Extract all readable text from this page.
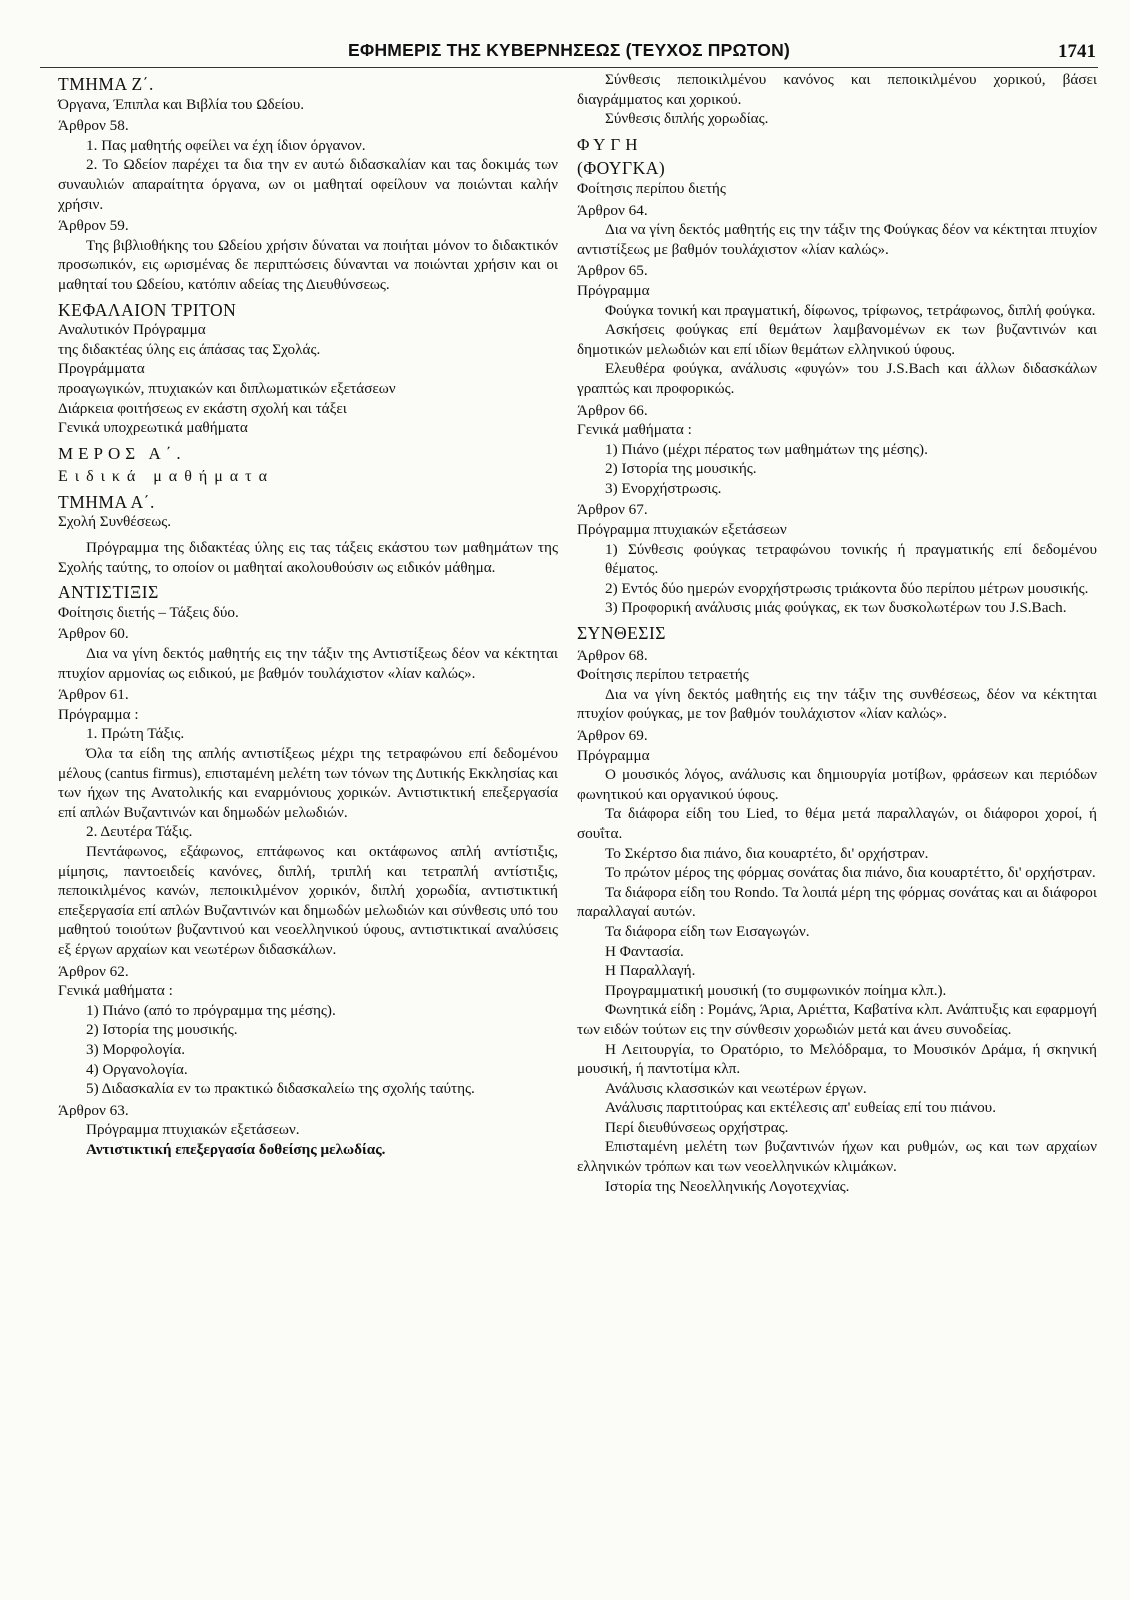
ΕΦΗΜΕΡΙΣ ΤΗΣ ΚΥΒΕΡΝΗΣΕΩΣ (ΤΕΥΧΟΣ ΠΡΩΤΟΝ)	1741

ΤΜΗΜΑ Ζ΄.

Όργανα, Έπιπλα και Βιβλία του Ωδείου.

Άρθρον 58.

1. Πας μαθητής οφείλει να έχη ίδιον όργανον.

2. Το Ωδείον παρέχει τα δια την εν αυτώ διδασκαλίαν και τας δοκιμάς των συναυλιών απαραίτητα όργανα, ων οι μαθηταί οφείλουν να ποιώνται καλήν χρήσιν.

Άρθρον 59.

Της βιβλιοθήκης του Ωδείου χρήσιν δύναται να ποιήται μόνον το διδακτικόν προσωπικόν, εις ωρισμένας δε περιπτώσεις δύνανται να ποιώνται χρήσιν και οι μαθηταί του Ωδείου, κατόπιν αδείας της Διευθύνσεως.

ΚΕΦΑΛΑΙΟΝ ΤΡΙΤΟΝ

Αναλυτικόν Πρόγραμμα

της διδακτέας ύλης εις άπάσας τας Σχολάς.

Προγράμματα

προαγωγικών, πτυχιακών και διπλωματικών εξετάσεων

Διάρκεια φοιτήσεως εν εκάστη σχολή και τάξει

Γενικά υποχρεωτικά μαθήματα

ΜΕΡΟΣ Α΄.

Ειδικά μαθήματα

ΤΜΗΜΑ Α΄.

Σχολή Συνθέσεως.

Πρόγραμμα της διδακτέας ύλης εις τας τάξεις εκάστου των μαθημάτων της Σχολής ταύτης, το οποίον οι μαθηταί ακολουθούσιν ως ειδικόν μάθημα.

ΑΝΤΙΣΤΙΞΙΣ

Φοίτησις διετής – Τάξεις δύο.

Άρθρον 60.

Δια να γίνη δεκτός μαθητής εις την τάξιν της Αντιστίξεως δέον να κέκτηται πτυχίον αρμονίας ως ειδικού, με βαθμόν τουλάχιστον «λίαν καλώς».

Άρθρον 61.

Πρόγραμμα :

1. Πρώτη Τάξις.

Όλα τα είδη της απλής αντιστίξεως μέχρι της τετραφώνου επί δεδομένου μέλους (cantus firmus), επισταμένη μελέτη των τόνων της Δυτικής Εκκλησίας και των ήχων της Ανατολικής και εναρμόνιους χορικών. Αντιστικτική επεξεργασία επί απλών Βυζαντινών και δημωδών μελωδιών.

2. Δευτέρα Τάξις.

Πεντάφωνος, εξάφωνος, επτάφωνος και οκτάφωνος απλή αντίστιξις, μίμησις, παντοειδείς κανόνες, διπλή, τριπλή και τετραπλή αντίστιξις, πεποικιλμένος κανών, πεποικιλμένον χορικόν, διπλή χορωδία, αντιστικτική επεξεργασία επί απλών Βυζαντινών και δημωδών μελωδιών και σύνθεσις υπό του μαθητού τοιούτων βυζαντινού και νεοελληνικού ύφους, αντιστικτικαί αναλύσεις εξ έργων αρχαίων και νεωτέρων διδασκάλων.

Άρθρον 62.

Γενικά μαθήματα :

1) Πιάνο (από το πρόγραμμα της μέσης).
2) Ιστορία της μουσικής.
3) Μορφολογία.
4) Οργανολογία.
5) Διδασκαλία εν τω πρακτικώ διδασκαλείω της σχολής ταύτης.

Άρθρον 63.

Πρόγραμμα πτυχιακών εξετάσεων.

Αντιστικτική επεξεργασία δοθείσης μελωδίας.

Σύνθεσις πεποικιλμένου κανόνος και πεποικιλμένου χορικού, βάσει διαγράμματος και χορικού.

Σύνθεσις διπλής χορωδίας.

ΦΥΓΗ

(ΦΟΥΓΚΑ)

Φοίτησις περίπου διετής

Άρθρον 64.

Δια να γίνη δεκτός μαθητής εις την τάξιν της Φούγκας δέον να κέκτηται πτυχίον αντιστίξεως με βαθμόν τουλάχιστον «λίαν καλώς».

Άρθρον 65.

Πρόγραμμα

Φούγκα τονική και πραγματική, δίφωνος, τρίφωνος, τετράφωνος, διπλή φούγκα.

Ασκήσεις φούγκας επί θεμάτων λαμβανομένων εκ των βυζαντινών και δημοτικών μελωδιών και επί ιδίων θεμάτων ελληνικού ύφους.

Ελευθέρα φούγκα, ανάλυσις «φυγών» του J.S.Bach και άλλων διδασκάλων γραπτώς και προφορικώς.

Άρθρον 66.

Γενικά μαθήματα :

1) Πιάνο (μέχρι πέρατος των μαθημάτων της μέσης).
2) Ιστορία της μουσικής.
3) Ενορχήστρωσις.

Άρθρον 67.

Πρόγραμμα πτυχιακών εξετάσεων

1) Σύνθεσις φούγκας τετραφώνου τονικής ή πραγματικής επί δεδομένου θέματος.
2) Εντός δύο ημερών ενορχήστρωσις τριάκοντα δύο περίπου μέτρων μουσικής.
3) Προφορική ανάλυσις μιάς φούγκας, εκ των δυσκολωτέρων του J.S.Bach.

ΣΥΝΘΕΣΙΣ

Άρθρον 68.

Φοίτησις περίπου τετραετής

Δια να γίνη δεκτός μαθητής εις την τάξιν της συνθέσεως, δέον να κέκτηται πτυχίον φούγκας, με τον βαθμόν τουλάχιστον «λίαν καλώς».

Άρθρον 69.

Πρόγραμμα

Ο μουσικός λόγος, ανάλυσις και δημιουργία μοτίβων, φράσεων και περιόδων φωνητικού και οργανικού ύφους.

Τα διάφορα είδη του Lied, το θέμα μετά παραλλαγών, οι διάφοροι χοροί, ή σουΐτα.

Το Σκέρτσο δια πιάνο, δια κουαρτέτο, δι' ορχήστραν.

Το πρώτον μέρος της φόρμας σονάτας δια πιάνο, δια κουαρτέττο, δι' ορχήστραν.

Τα διάφορα είδη του Rondo. Τα λοιπά μέρη της φόρμας σονάτας και αι διάφοροι παραλλαγαί αυτών.

Τα διάφορα είδη των Εισαγωγών.

Η Φαντασία.

Η Παραλλαγή.

Προγραμματική μουσική (το συμφωνικόν ποίημα κλπ.).

Φωνητικά είδη : Ρομάνς, Άρια, Αριέττα, Καβατίνα κλπ. Ανάπτυξις και εφαρμογή των ειδών τούτων εις την σύνθεσιν χορωδιών μετά και άνευ συνοδείας.

Η Λειτουργία, το Ορατόριο, το Μελόδραμα, το Μουσικόν Δράμα, ή σκηνική μουσική, ή παντοτίμα κλπ.

Ανάλυσις κλασσικών και νεωτέρων έργων.

Ανάλυσις παρτιτούρας και εκτέλεσις απ' ευθείας επί του πιάνου.

Περί διευθύνσεως ορχήστρας.

Επισταμένη μελέτη των βυζαντινών ήχων και ρυθμών, ως και των αρχαίων ελληνικών τρόπων και των νεοελληνικών κλιμάκων.

Ιστορία της Νεοελληνικής Λογοτεχνίας.
